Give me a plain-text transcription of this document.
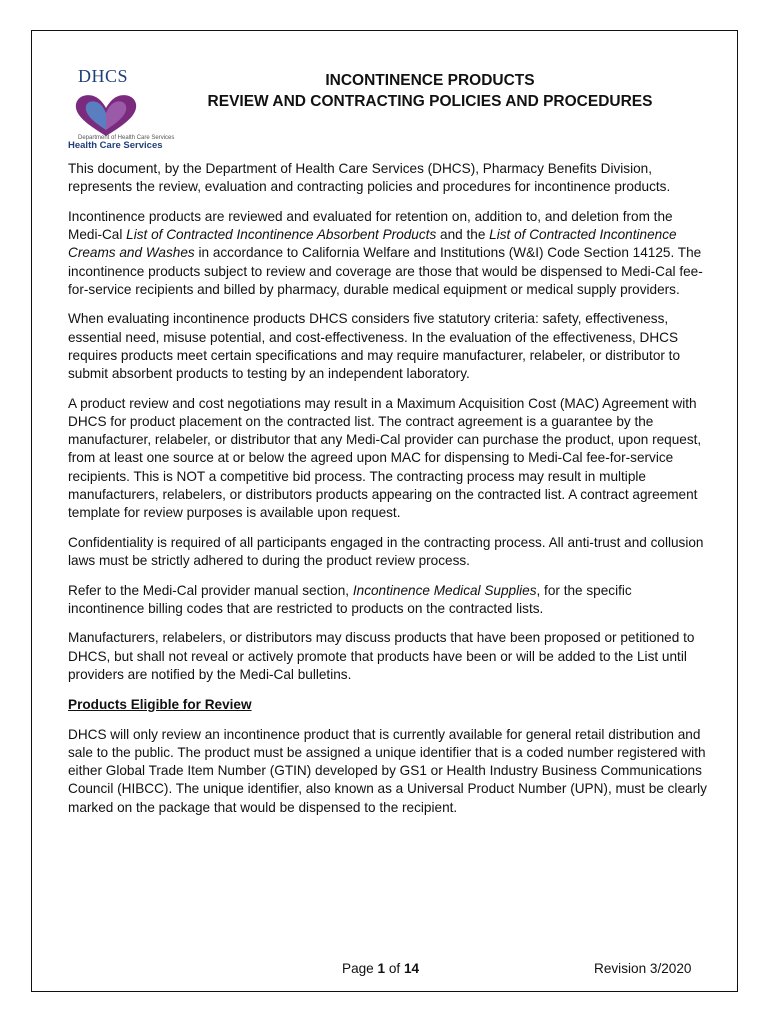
DHCS
Department of Health Care Services
Health Care Services
INCONTINENCE PRODUCTS
REVIEW AND CONTRACTING POLICIES AND PROCEDURES

This document, by the Department of Health Care Services (DHCS), Pharmacy Benefits Division, represents the review, evaluation and contracting policies and procedures for incontinence products.

Incontinence products are reviewed and evaluated for retention on, addition to, and deletion from the Medi-Cal List of Contracted Incontinence Absorbent Products and the List of Contracted Incontinence Creams and Washes in accordance to California Welfare and Institutions (W&I) Code Section 14125. The incontinence products subject to review and coverage are those that would be dispensed to Medi-Cal fee-for-service recipients and billed by pharmacy, durable medical equipment or medical supply providers.

When evaluating incontinence products DHCS considers five statutory criteria: safety, effectiveness, essential need, misuse potential, and cost-effectiveness. In the evaluation of the effectiveness, DHCS requires products meet certain specifications and may require manufacturer, relabeler, or distributor to submit absorbent products to testing by an independent laboratory.

A product review and cost negotiations may result in a Maximum Acquisition Cost (MAC) Agreement with DHCS for product placement on the contracted list. The contract agreement is a guarantee by the manufacturer, relabeler, or distributor that any Medi-Cal provider can purchase the product, upon request, from at least one source at or below the agreed upon MAC for dispensing to Medi-Cal fee-for-service recipients. This is NOT a competitive bid process. The contracting process may result in multiple manufacturers, relabelers, or distributors products appearing on the contracted list. A contract agreement template for review purposes is available upon request.

Confidentiality is required of all participants engaged in the contracting process. All anti-trust and collusion laws must be strictly adhered to during the product review process.

Refer to the Medi-Cal provider manual section, Incontinence Medical Supplies, for the specific incontinence billing codes that are restricted to products on the contracted lists.

Manufacturers, relabelers, or distributors may discuss products that have been proposed or petitioned to DHCS, but shall not reveal or actively promote that products have been or will be added to the List until providers are notified by the Medi-Cal bulletins.

Products Eligible for Review

DHCS will only review an incontinence product that is currently available for general retail distribution and sale to the public. The product must be assigned a unique identifier that is a coded number registered with either Global Trade Item Number (GTIN) developed by GS1 or Health Industry Business Communications Council (HIBCC). The unique identifier, also known as a Universal Product Number (UPN), must be clearly marked on the package that would be dispensed to the recipient.

Page 1 of 14	Revision 3/2020
